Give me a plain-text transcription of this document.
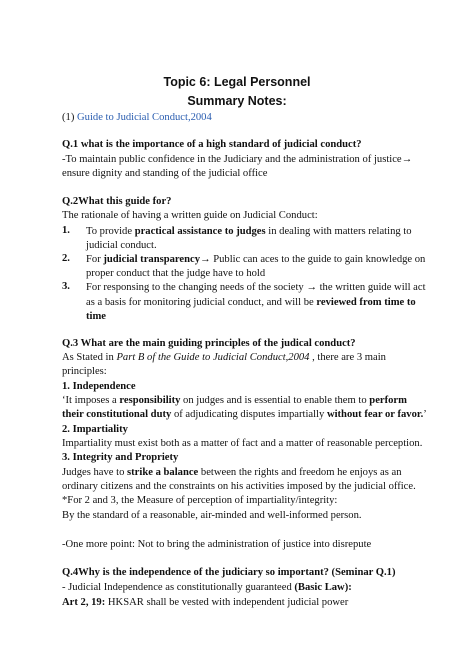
Topic 6: Legal Personnel
Summary Notes:
(1) Guide to Judicial Conduct,2004
Q.1 what is the importance of a high standard of judicial conduct?
-To maintain public confidence in the Judiciary and the administration of justice→
ensure dignity and standing of the judicial office
Q.2What this guide for?
The rationale of having a written guide on Judicial Conduct:
1. To provide practical assistance to judges in dealing with matters relating to
judicial conduct.
2. For judicial transparency→ Public can aces to the guide to gain knowledge on
proper conduct that the judge have to hold
3. For responsing to the changing needs of the society → the written guide will act
as a basis for monitoring judicial conduct, and will be reviewed from time to
time
Q.3 What are the main guiding principles of the judical conduct?
As Stated in Part B of the Guide to Judicial Conduct,2004 , there are 3 main
principles:
1. Independence
‘It imposes a responsibility on judges and is essential to enable them to perform
their constitutional duty of adjudicating disputes impartially without fear or favor.’
2. Impartiality
Impartiality must exist both as a matter of fact and a matter of reasonable perception.
3. Integrity and Propriety
Judges have to strike a balance between the rights and freedom he enjoys as an
ordinary citizens and the constraints on his activities imposed by the judicial office.
*For 2 and 3, the Measure of perception of impartiality/integrity:
By the standard of a reasonable, air-minded and well-informed person.
-One more point: Not to bring the administration of justice into disrepute
Q.4Why is the independence of the judiciary so important? (Seminar Q.1)
- Judicial Independence as constitutionally guaranteed (Basic Law):
Art 2, 19: HKSAR shall be vested with independent judicial power
